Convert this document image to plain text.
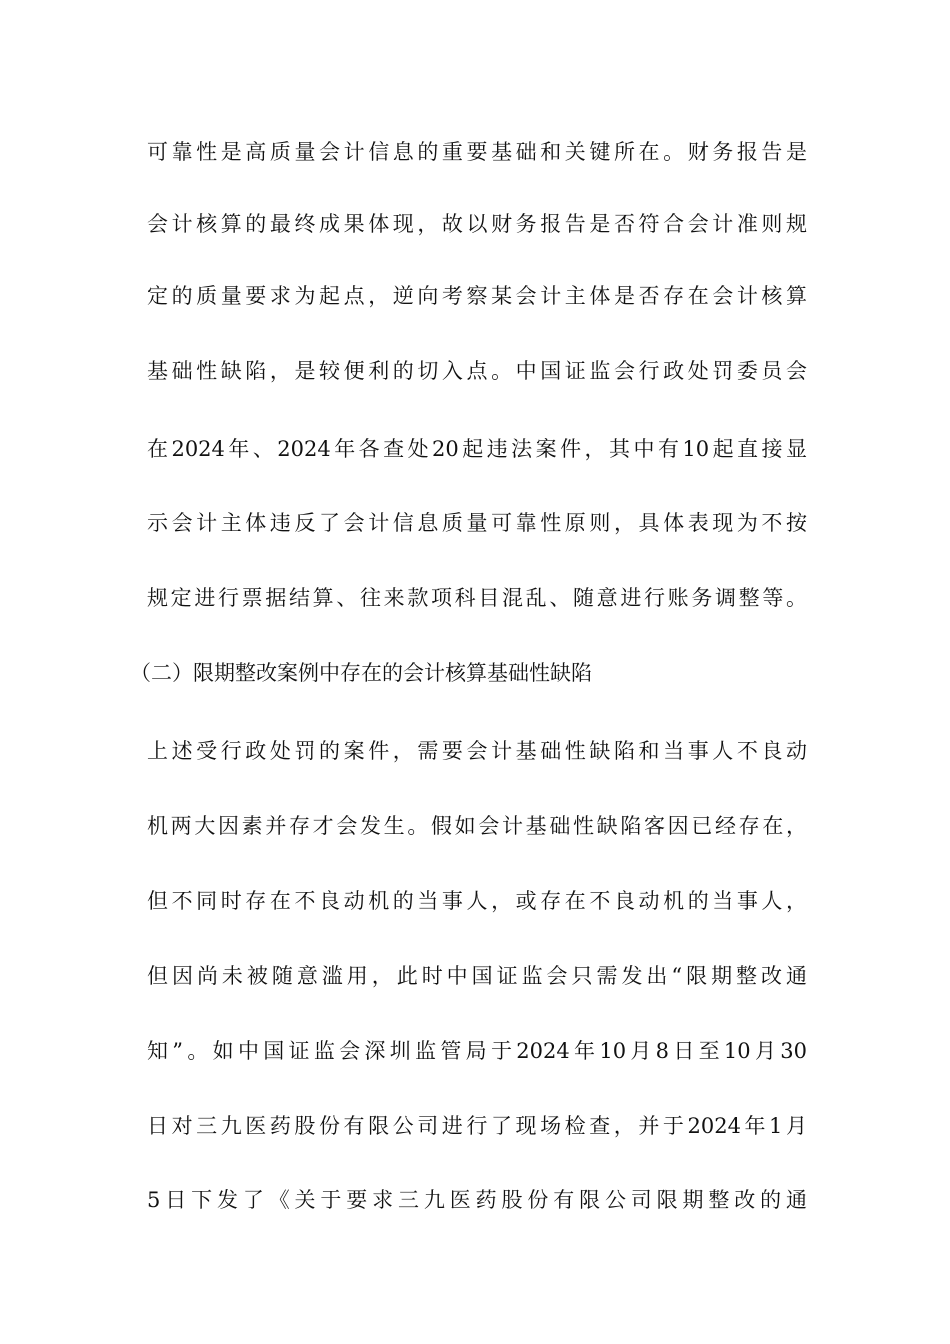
可靠性是高质量会计信息的重要基础和关键所在。财务报告是
会计核算的最终成果体现，故以财务报告是否符合会计准则规
定的质量要求为起点，逆向考察某会计主体是否存在会计核算
基础性缺陷，是较便利的切入点。中国证监会行政处罚委员会
在2024年、2024年各查处20起违法案件，其中有10起直接显
示会计主体违反了会计信息质量可靠性原则，具体表现为不按
规定进行票据结算、往来款项科目混乱、随意进行账务调整等。
（二）限期整改案例中存在的会计核算基础性缺陷
上述受行政处罚的案件，需要会计基础性缺陷和当事人不良动
机两大因素并存才会发生。假如会计基础性缺陷客因已经存在，
但不同时存在不良动机的当事人，或存在不良动机的当事人，
但因尚未被随意滥用，此时中国证监会只需发出“限期整改通
知”。如中国证监会深圳监管局于2024年10月8日至10月30
日对三九医药股份有限公司进行了现场检查，并于2024年1月
5日下发了《关于要求三九医药股份有限公司限期整改的通
